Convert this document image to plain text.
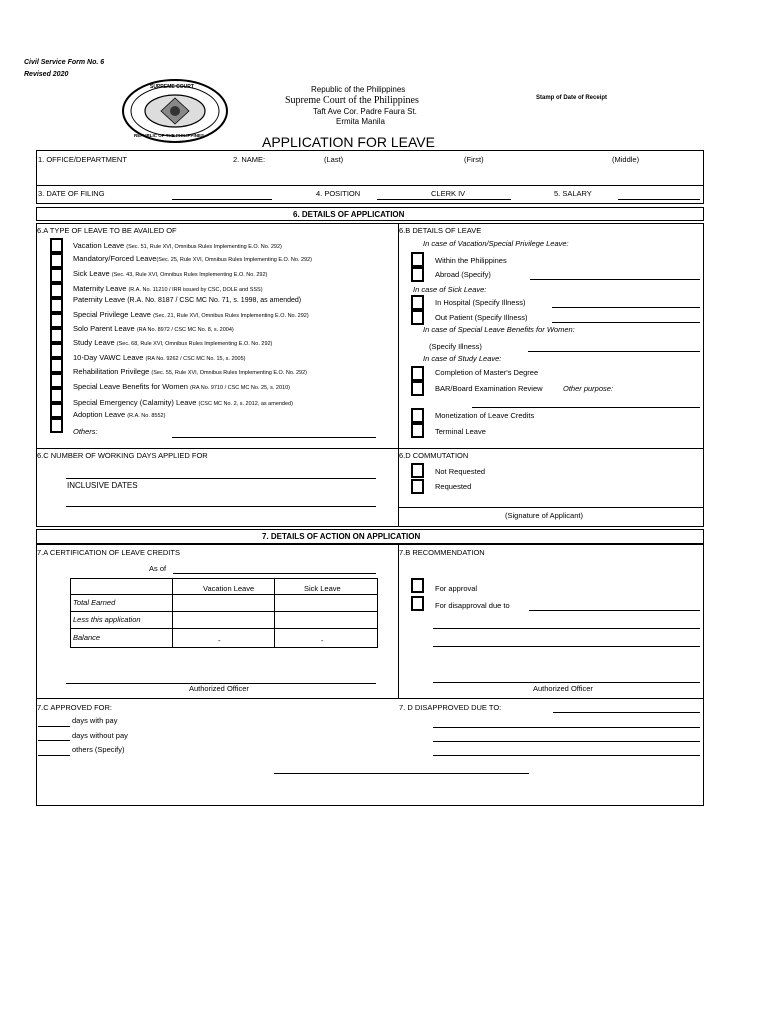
Civil Service Form No. 6
Revised 2020
Stamp of Date of Receipt
SUPREME COURT
REPUBLIC OF THE PHILIPPINES
Republic of the Philippines
Supreme Court of the Philippines
Taft Ave Cor. Padre Faura St.
Ermita Manila
APPLICATION FOR LEAVE
1. OFFICE/DEPARTMENT	2. NAME:	(Last)	(First)	(Middle)
3. DATE OF FILING	4. POSITION	CLERK IV	5. SALARY
6. DETAILS OF APPLICATION
6.A TYPE OF LEAVE TO BE AVAILED OF
Vacation Leave (Sec. 51, Rule XVI, Omnibus Rules Implementing E.O. No. 292)
Mandatory/Forced Leave(Sec. 25, Rule XVI, Omnibus Rules Implementing E.O. No. 292)
Sick Leave (Sec. 43, Rule XVI, Omnibus Rules Implementing E.O. No. 292)
Maternity Leave (R.A. No. 11210 / IRR issued by CSC, DOLE and SSS)
Paternity Leave (R.A. No. 8187 / CSC MC No. 71, s. 1998, as amended)
Special Privilege Leave (Sec. 21, Rule XVI, Omnibus Rules Implementing E.O. No. 292)
Solo Parent Leave (RA No. 8972 / CSC MC No. 8, s. 2004)
Study Leave (Sec. 68, Rule XVI, Omnibus Rules Implementing E.O. No. 292)
10-Day VAWC Leave (RA No. 9262 / CSC MC No. 15, s. 2005)
Rehabilitation Privilege (Sec. 55, Rule XVI, Omnibus Rules Implementing E.O. No. 292)
Special Leave Benefits for Women (RA No. 9710 / CSC MC No. 25, s. 2010)
Special Emergency (Calamity) Leave (CSC MC No. 2, s. 2012, as amended)
Adoption Leave (R.A. No. 8552)
Others:
6.B DETAILS OF LEAVE
In case of Vacation/Special Privilege Leave:
Within the Philippines
Abroad (Specify)
In case of Sick Leave:
In Hospital (Specify Illness)
Out Patient (Specify Illness)
In case of Special Leave Benefits for Women:
(Specify Illness)
In case of Study Leave:
Completion of Master's Degree
BAR/Board Examination Review	Other purpose:
Monetization of Leave Credits
Terminal Leave
6.C NUMBER OF WORKING DAYS APPLIED FOR
INCLUSIVE DATES
6.D COMMUTATION
Not Requested
Requested
(Signature of Applicant)
7. DETAILS OF ACTION ON APPLICATION
7.A CERTIFICATION OF LEAVE CREDITS
As of
Vacation Leave	Sick Leave
Total Earned
Less this application
Balance	-	-
Authorized Officer
7.B RECOMMENDATION
For approval
For disapproval due to
Authorized Officer
7.C APPROVED FOR:
days with pay
days without pay
others (Specify)
7. D DISAPPROVED DUE TO:
